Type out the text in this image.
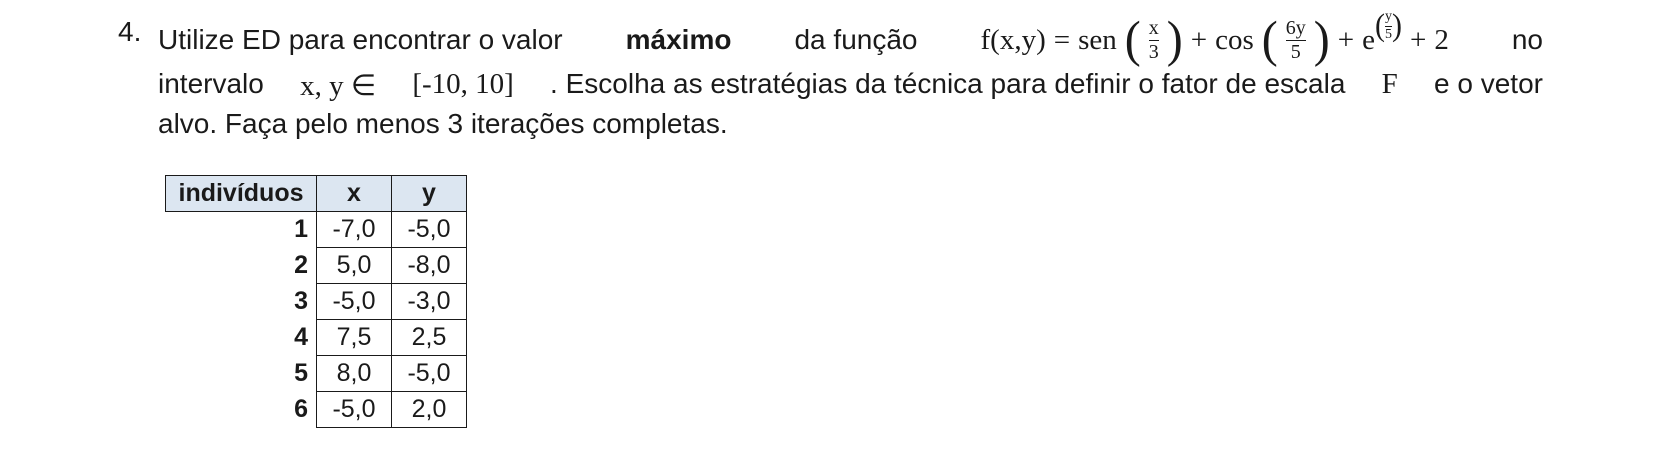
4. Utilize ED para encontrar o valor máximo da função f(x,y) = sen ( $\frac{x}{3}$ ) + cos ( $\frac{6y}{5}$ ) + e ( $\frac{y}{5}$ ) + 2 no
intervalo x, y ∈ [-10, 10] . Escolha as estratégias da técnica para definir o fator de escala F e o vetor
alvo. Faça pelo menos 3 iterações completas.
indivíduos	x	y
1	-7,0	-5,0
2	5,0	-8,0
3	-5,0	-3,0
4	7,5	2,5
5	8,0	-5,0
6	-5,0	2,0
